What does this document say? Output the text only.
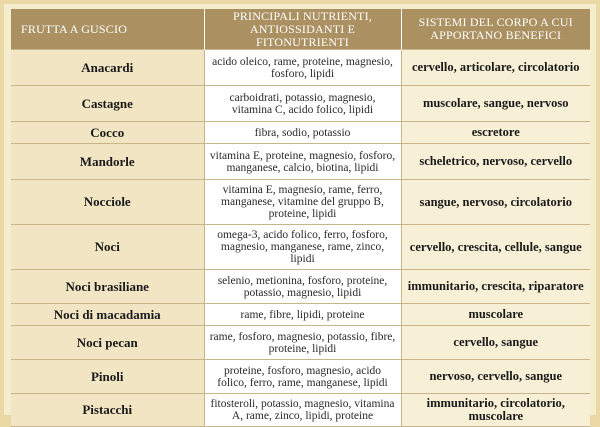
FRUTTA A GUSCIO	PRINCIPALI NUTRIENTI, ANTIOSSIDANTI E FITONUTRIENTI	SISTEMI DEL CORPO A CUI APPORTANO BENEFICI
Anacardi	acido oleico, rame, proteine, magnesio, fosforo, lipidi	cervello, articolare, circolatorio
Castagne	carboidrati, potassio, magnesio, vitamina C, acido folico, lipidi	muscolare, sangue, nervoso
Cocco	fibra, sodio, potassio	escretore
Mandorle	vitamina E, proteine, magnesio, fosforo, manganese, calcio, biotina, lipidi	scheletrico, nervoso, cervello
Nocciole	vitamina E, magnesio, rame, ferro, manganese, vitamine del gruppo B, proteine, lipidi	sangue, nervoso, circolatorio
Noci	omega-3, acido folico, ferro, fosforo, magnesio, manganese, rame, zinco, lipidi	cervello, crescita, cellule, sangue
Noci brasiliane	selenio, metionina, fosforo, proteine, potassio, magnesio, lipidi	immunitario, crescita, riparatore
Noci di macadamia	rame, fibre, lipidi, proteine	muscolare
Noci pecan	rame, fosforo, magnesio, potassio, fibre, proteine, lipidi	cervello, sangue
Pinoli	proteine, fosforo, magnesio, acido folico, ferro, rame, manganese, lipidi	nervoso, cervello, sangue
Pistacchi	fitosteroli, potassio, magnesio, vitamina A, rame, zinco, lipidi, proteine	immunitario, circolatorio, muscolare
